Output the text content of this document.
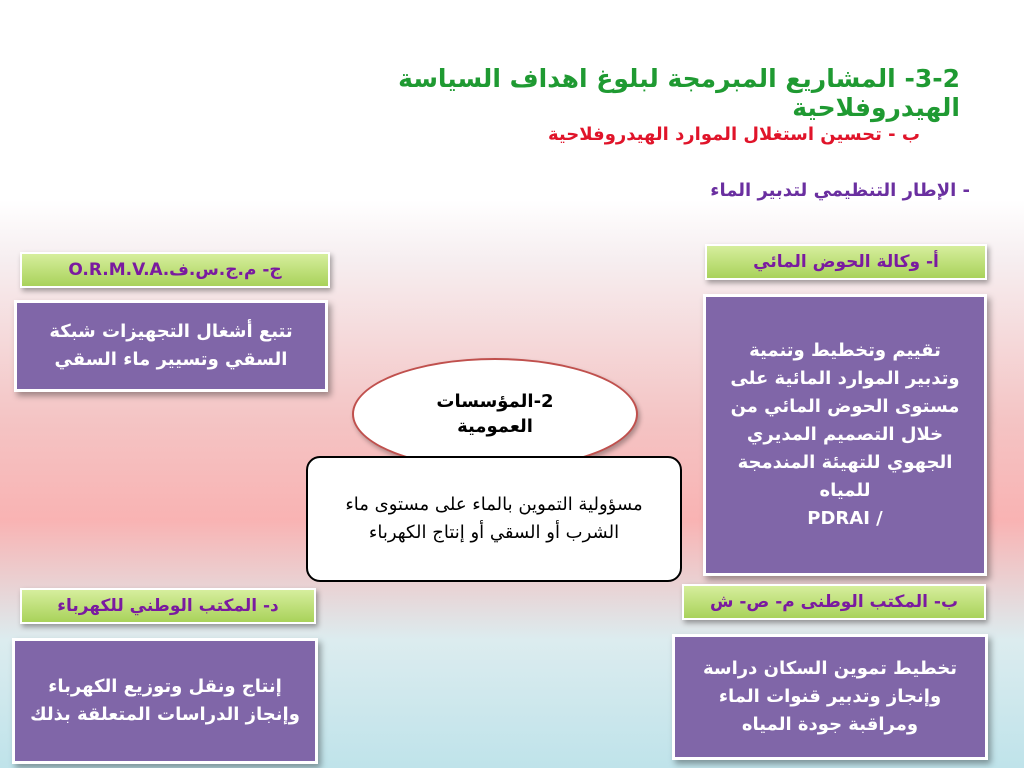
3-2- المشاريع المبرمجة لبلوغ اهداف السياسة الهيدروفلاحية
ب - تحسين استغلال الموارد الهيدروفلاحية
- الإطار التنظيمي لتدبير الماء
ج- م.ج.س.ف.O.R.M.V.A
تتبع أشغال التجهيزات شبكة السقي وتسيير ماء السقي
أ- وكالة الحوض المائي
تقييم وتخطيط وتنمية وتدبير الموارد المائية على مستوى الحوض المائي من خلال التصميم المديري الجهوي للتهيئة المندمجة للمياه
PDRAI /
2-المؤسسات العمومية
مسؤولية التموين بالماء على مستوى ماء الشرب أو السقي أو إنتاج الكهرباء
د- المكتب الوطني للكهرباء
إنتاج ونقل وتوزيع الكهرباء وإنجاز الدراسات المتعلقة بذلك
ب- المكتب الوطنى م- ص- ش
تخطيط تموين السكان دراسة وإنجاز وتدبير قنوات الماء ومراقبة جودة المياه
